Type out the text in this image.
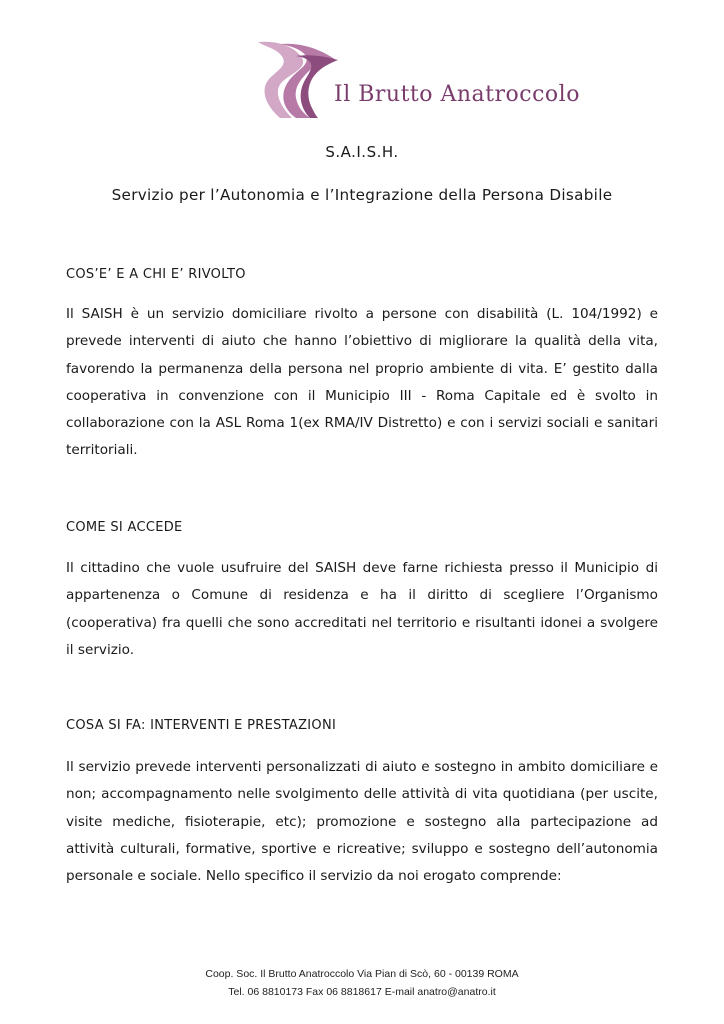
Il Brutto Anatroccolo
S.A.I.S.H.
Servizio per l’Autonomia e l’Integrazione della Persona Disabile
COS’E’ E A CHI E’ RIVOLTO
Il SAISH è un servizio domiciliare rivolto a persone con disabilità (L. 104/1992) e prevede interventi di aiuto che hanno l’obiettivo di migliorare la qualità della vita, favorendo la permanenza della persona nel proprio ambiente di vita. E’ gestito dalla cooperativa in convenzione con il Municipio III - Roma Capitale ed è svolto in collaborazione con la ASL Roma 1(ex RMA/IV Distretto) e con i servizi sociali e sanitari territoriali.
COME SI ACCEDE
Il cittadino che vuole usufruire del SAISH deve farne richiesta presso il Municipio di appartenenza o Comune di residenza e ha il diritto di scegliere l’Organismo (cooperativa) fra quelli che sono accreditati nel territorio e risultanti idonei a svolgere il servizio.
COSA SI FA: INTERVENTI E PRESTAZIONI
Il servizio prevede interventi personalizzati di aiuto e sostegno in ambito domiciliare e non; accompagnamento nelle svolgimento delle attività di vita quotidiana (per uscite, visite mediche, fisioterapie, etc); promozione e sostegno alla partecipazione ad attività culturali, formative, sportive e ricreative; sviluppo e sostegno dell’autonomia personale e sociale. Nello specifico il servizio da noi erogato comprende:
Coop. Soc. Il Brutto Anatroccolo Via Pian di Scò, 60 - 00139 ROMA
Tel. 06 8810173 Fax 06 8818617 E-mail anatro@anatro.it
